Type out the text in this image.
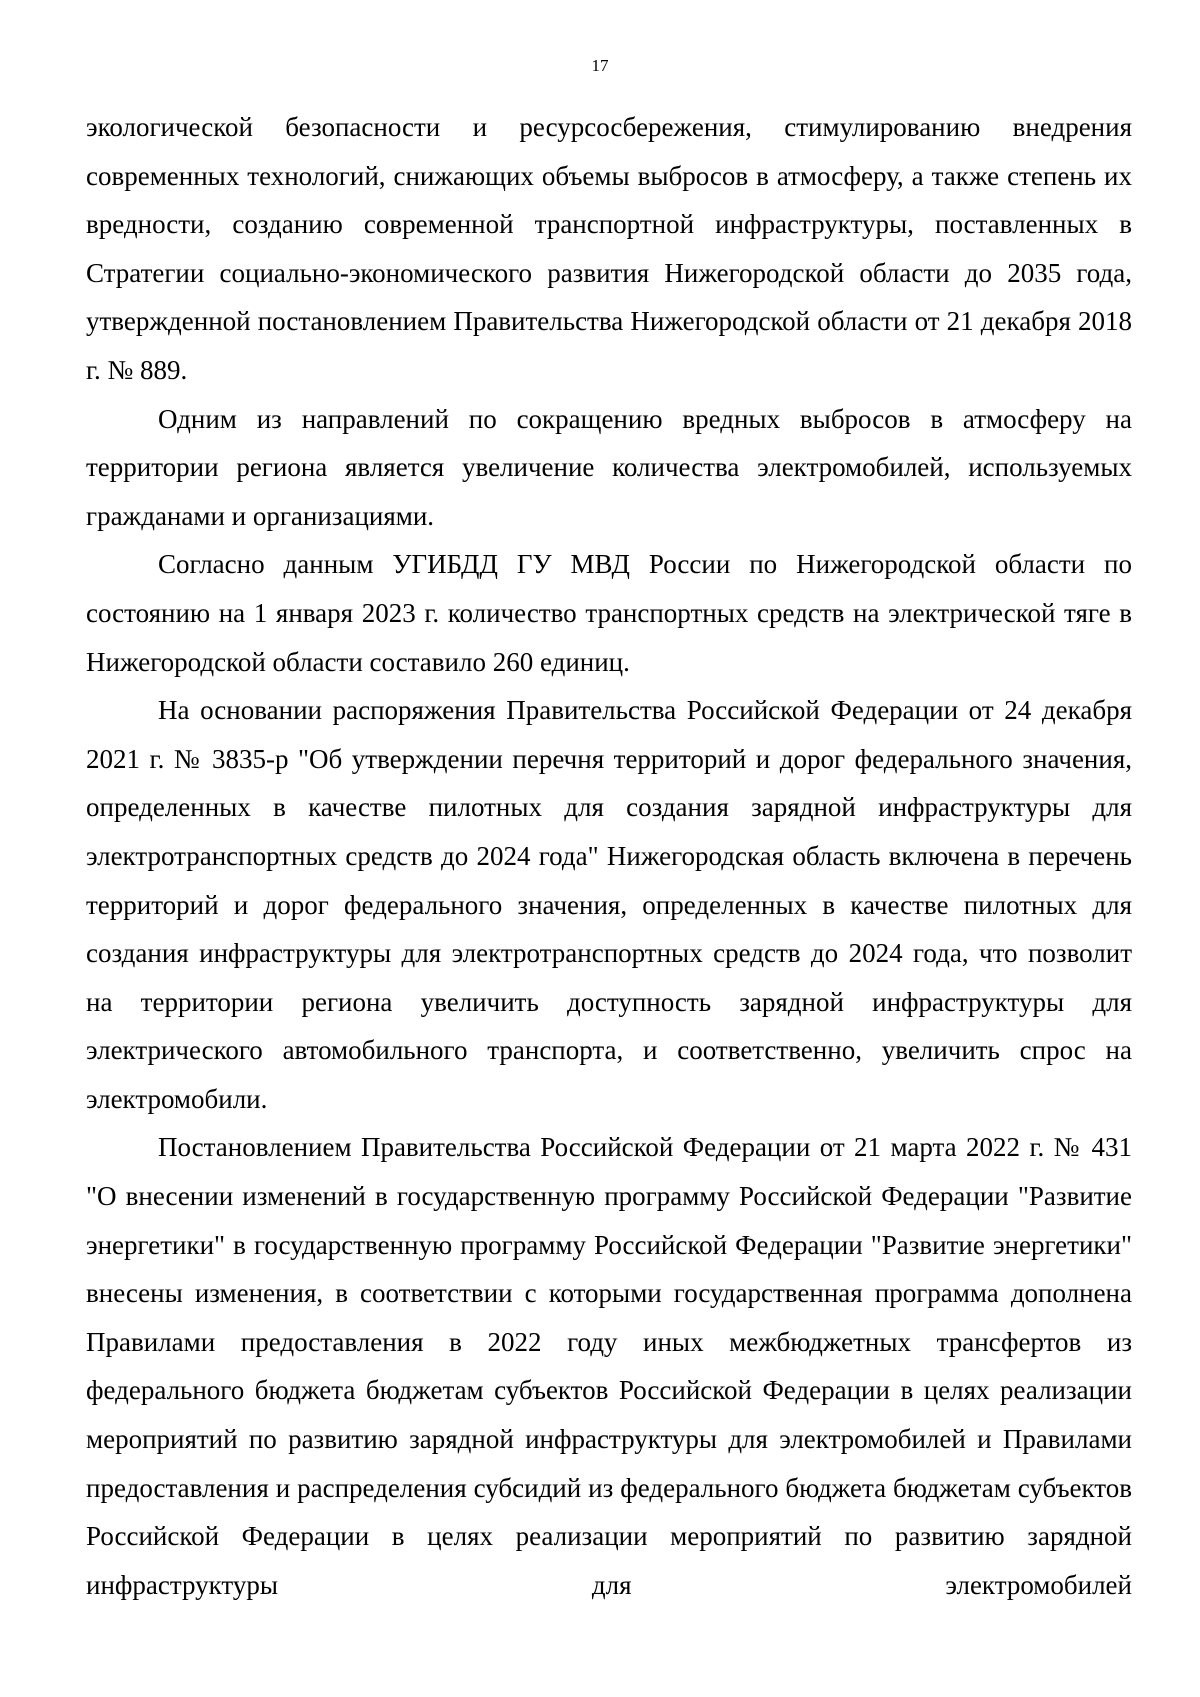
17

экологической безопасности и ресурсосбережения, стимулированию внедрения современных технологий, снижающих объемы выбросов в атмосферу, а также степень их вредности, созданию современной транспортной инфраструктуры, поставленных в Стратегии социально-экономического развития Нижегородской области до 2035 года, утвержденной постановлением Правительства Нижегородской области от 21 декабря 2018 г. № 889.

Одним из направлений по сокращению вредных выбросов в атмосферу на территории региона является увеличение количества электромобилей, используемых гражданами и организациями.

Согласно данным УГИБДД ГУ МВД России по Нижегородской области по состоянию на 1 января 2023 г. количество транспортных средств на электрической тяге в Нижегородской области составило 260 единиц.

На основании распоряжения Правительства Российской Федерации от 24 декабря 2021 г. № 3835-р "Об утверждении перечня территорий и дорог федерального значения, определенных в качестве пилотных для создания зарядной инфраструктуры для электротранспортных средств до 2024 года" Нижегородская область включена в перечень территорий и дорог федерального значения, определенных в качестве пилотных для создания инфраструктуры для электротранспортных средств до 2024 года, что позволит на территории региона увеличить доступность зарядной инфраструктуры для электрического автомобильного транспорта, и соответственно, увеличить спрос на электромобили.

Постановлением Правительства Российской Федерации от 21 марта 2022 г. № 431 "О внесении изменений в государственную программу Российской Федерации "Развитие энергетики" в государственную программу Российской Федерации "Развитие энергетики" внесены изменения, в соответствии с которыми государственная программа дополнена Правилами предоставления в 2022 году иных межбюджетных трансфертов из федерального бюджета бюджетам субъектов Российской Федерации в целях реализации мероприятий по развитию зарядной инфраструктуры для электромобилей и Правилами предоставления и распределения субсидий из федерального бюджета бюджетам субъектов Российской Федерации в целях реализации мероприятий по развитию зарядной инфраструктуры для электромобилей
